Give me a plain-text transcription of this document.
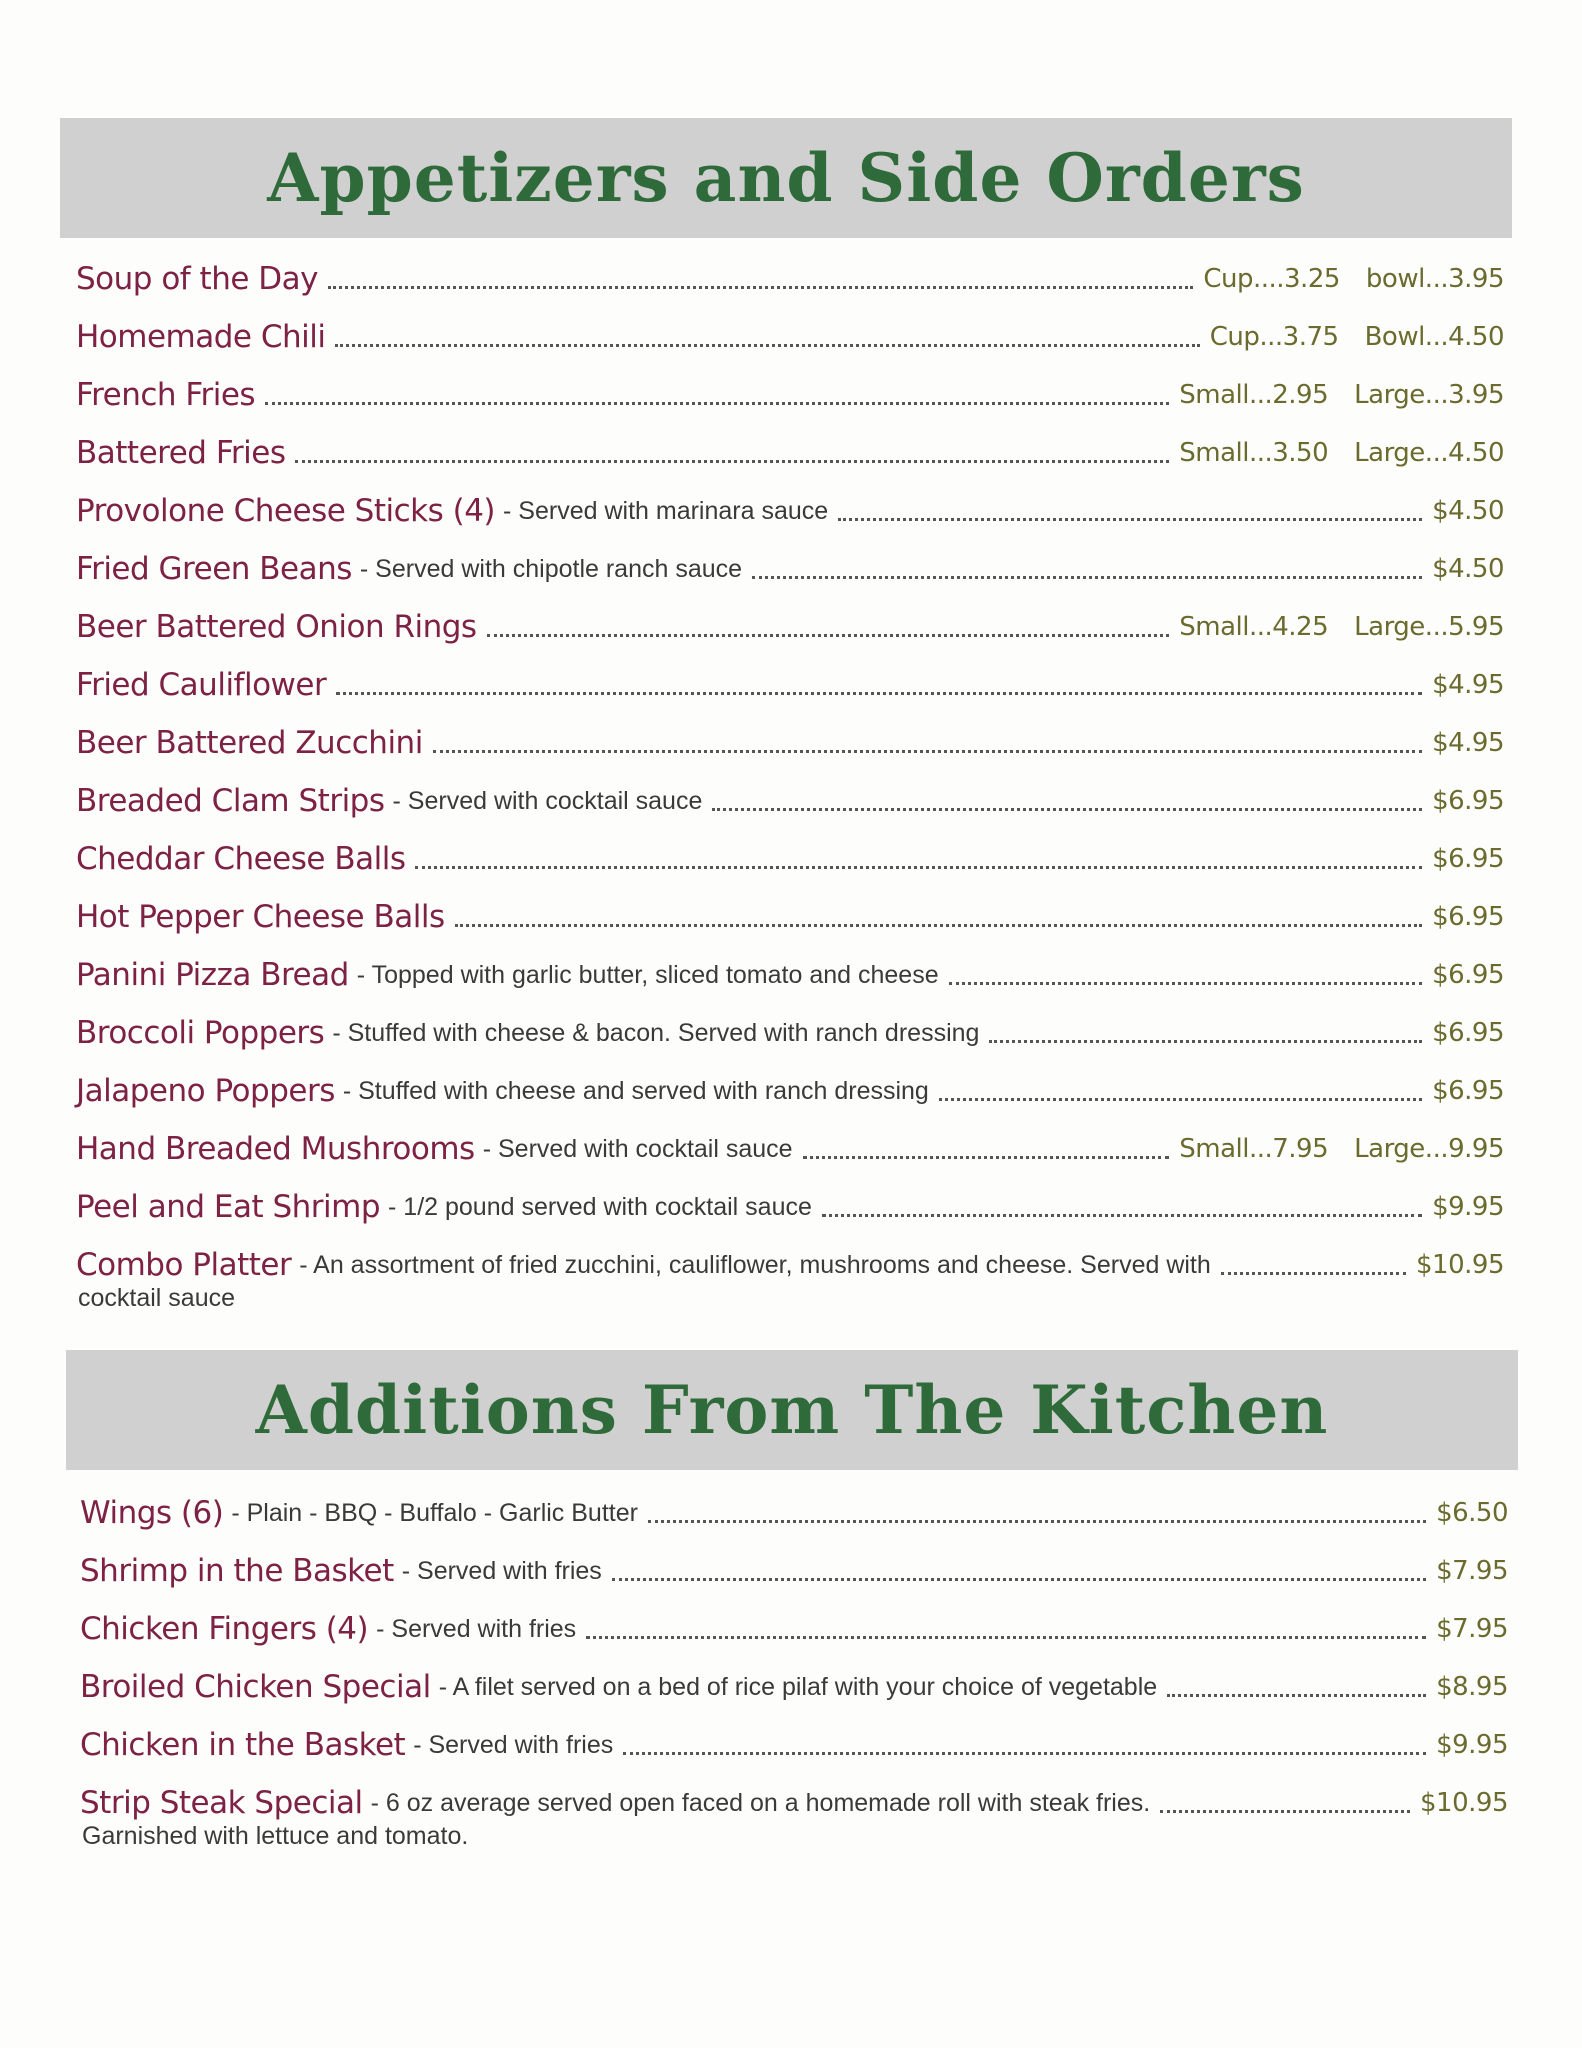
Appetizers and Side Orders
Soup of the Day	Cup....3.25 bowl...3.95
Homemade Chili	Cup...3.75 Bowl...4.50
French Fries	Small...2.95 Large...3.95
Battered Fries	Small...3.50 Large...4.50
Provolone Cheese Sticks (4) - Served with marinara sauce	$4.50
Fried Green Beans - Served with chipotle ranch sauce	$4.50
Beer Battered Onion Rings	Small...4.25 Large...5.95
Fried Cauliflower	$4.95
Beer Battered Zucchini	$4.95
Breaded Clam Strips - Served with cocktail sauce	$6.95
Cheddar Cheese Balls	$6.95
Hot Pepper Cheese Balls	$6.95
Panini Pizza Bread - Topped with garlic butter, sliced tomato and cheese	$6.95
Broccoli Poppers - Stuffed with cheese & bacon. Served with ranch dressing	$6.95
Jalapeno Poppers - Stuffed with cheese and served with ranch dressing	$6.95
Hand Breaded Mushrooms - Served with cocktail sauce	Small...7.95 Large...9.95
Peel and Eat Shrimp - 1/2 pound served with cocktail sauce	$9.95
Combo Platter - An assortment of fried zucchini, cauliflower, mushrooms and cheese. Served with	$10.95
cocktail sauce
Additions From The Kitchen
Wings (6) - Plain - BBQ - Buffalo - Garlic Butter	$6.50
Shrimp in the Basket - Served with fries	$7.95
Chicken Fingers (4) - Served with fries	$7.95
Broiled Chicken Special - A filet served on a bed of rice pilaf with your choice of vegetable	$8.95
Chicken in the Basket - Served with fries	$9.95
Strip Steak Special - 6 oz average served open faced on a homemade roll with steak fries.	$10.95
Garnished with lettuce and tomato.
